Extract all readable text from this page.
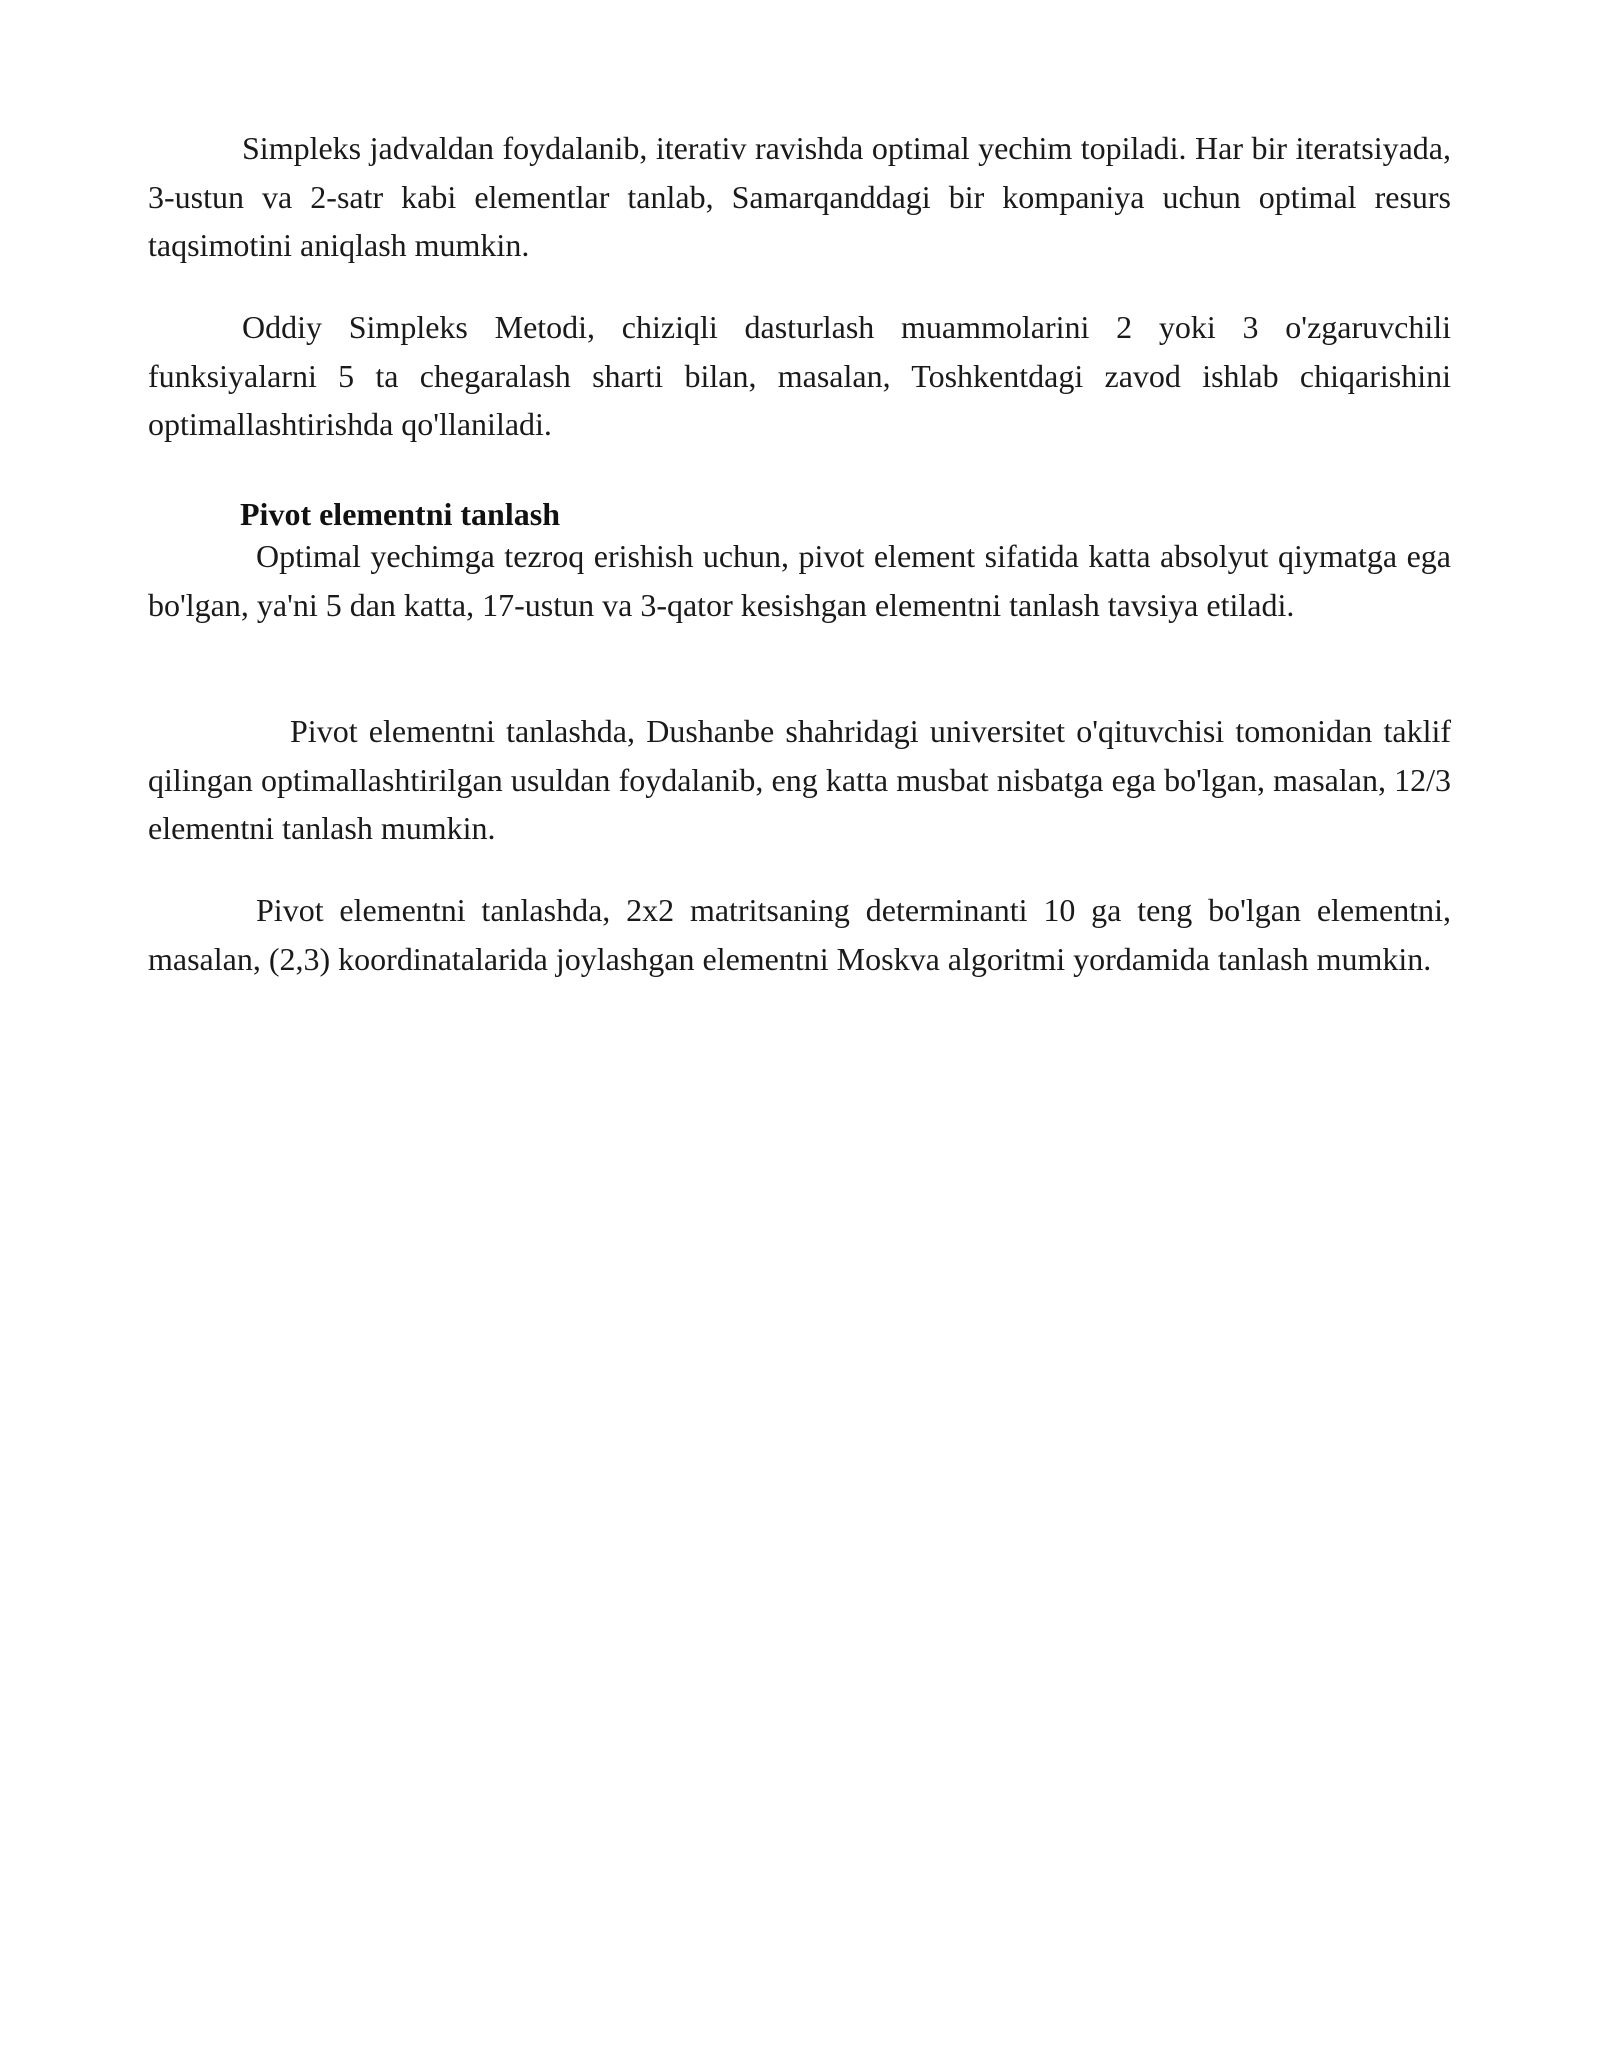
Simpleks jadvaldan foydalanib, iterativ ravishda optimal yechim topiladi. Har bir iteratsiyada, 3-ustun va 2-satr kabi elementlar tanlab, Samarqanddagi bir kompaniya uchun optimal resurs taqsimotini aniqlash mumkin.

Oddiy Simpleks Metodi, chiziqli dasturlash muammolarini 2 yoki 3 o'zgaruvchili funksiyalarni 5 ta chegaralash sharti bilan, masalan, Toshkentdagi zavod ishlab chiqarishini optimallashtirishda qo'llaniladi.

Pivot elementni tanlash

Optimal yechimga tezroq erishish uchun, pivot element sifatida katta absolyut qiymatga ega bo'lgan, ya'ni 5 dan katta, 17-ustun va 3-qator kesishgan elementni tanlash tavsiya etiladi.

Pivot elementni tanlashda, Dushanbe shahridagi universitet o'qituvchisi tomonidan taklif qilingan optimallashtirilgan usuldan foydalanib, eng katta musbat nisbatga ega bo'lgan, masalan, 12/3 elementni tanlash mumkin.

Pivot elementni tanlashda, 2x2 matritsaning determinanti 10 ga teng bo'lgan elementni, masalan, (2,3) koordinatalarida joylashgan elementni Moskva algoritmi yordamida tanlash mumkin.
